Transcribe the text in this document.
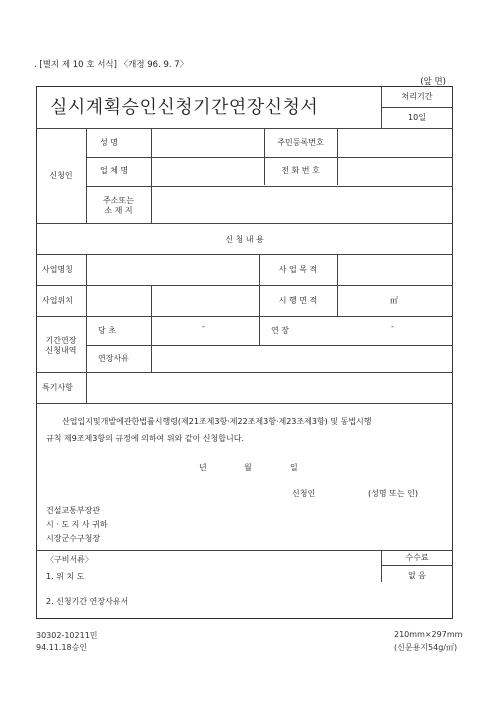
. [별지 제 10 호 서식] 〈개정 96. 9. 7〉
(앞 면)
실시계획승인신청기간연장신청서
처리기간
10일
신청인
성 명	주민등록번호
업 체 명	전 화 번 호
주소또는
소 재 지
신 청 내 용
사업명칭	사 업 목 적
사업위치	시 행 면 적	㎡
기간연장
신청내역
당 초	-	연 장	-
연장사유
특기사항
산업입지및개발에관한법률시행령(제21조제3항·제22조제3항·제23조제3항) 및 동법시행
규칙 제9조제3항의 규정에 의하여 위와 같이 신청합니다.
년	월	일
신청인	(성명 또는 인)
건설교통부장관
시 · 도 지 사 귀하
시장군수구청장
〈구비서류〉
1. 위 치 도
2. 신청기간 연장사유서
수수료
없 음
30302-10211민
94.11.18승인
210mm×297mm
(신문용지54g/㎡)
